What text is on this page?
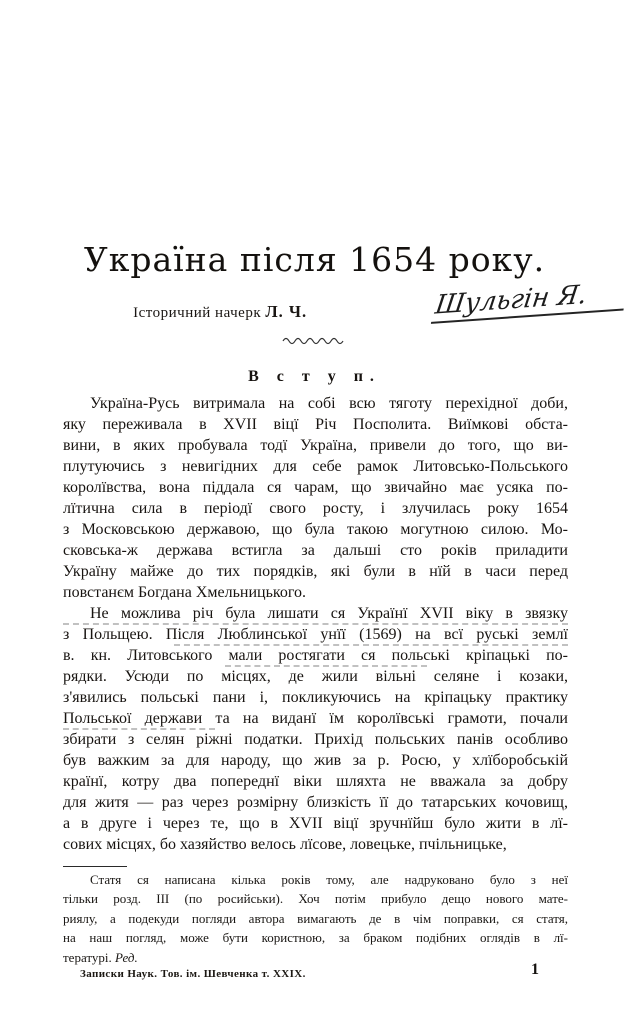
Україна після 1654 року.
Історичний начерк Л. Ч.	Шульгін Я.
В с т у п.
Україна-Русь витримала на собі всю тяготу перехідної доби,
яку переживала в XVII віцї Річ Посполита. Виїмкові обста-
вини, в яких пробувала тодї Україна, привели до того, що ви-
плутуючись з невигідних для себе рамок Литовсько-Польського
королївства, вона піддала ся чарам, що звичайно має усяка по-
лїтична сила в періодї свого росту, і злучилась року 1654
з Московською державою, що була такою могутною силою. Мо-
сковська-ж держава встигла за дальші сто років приладити
Україну майже до тих порядків, які були в нїй в часи перед
повстанєм Богдана Хмельницького.
Не можлива річ була лишати ся Українї XVII віку в звязку
з Польщею. Після Люблинської унїї (1569) на всї руські землї
в. кн. Литовського мали ростягати ся польські кріпацькі по-
рядки. Усюди по місцях, де жили вільні селяне і козаки,
з'явились польські пани і, покликуючись на кріпацьку практику
Польської держави та на виданї їм королївські грамоти, почали
збирати з селян ріжні податки. Прихід польських панів особливо
був важким за для народу, що жив за р. Росю, у хлїборобській
країнї, котру два попереднї віки шляхта не вважала за добру
для житя — раз через розмірну близкість її до татарських кочовищ,
а в друге і через те, що в XVII віцї зручнїйш було жити в лї-
сових місцях, бо хазяйство велось лїсове, ловецьке, пчільницьке,
Статя ся написана кілька років тому, але надруковано було з неї
тільки розд. III (по росийськи). Хоч потім прибуло дещо нового мате-
риялу, а подекуди погляди автора вимагають де в чім поправки, ся статя,
на наш погляд, може бути користною, за браком подібних оглядів в лї-
тературі. Ред.
Записки Наук. Тов. ім. Шевченка т. XXIX.	1
